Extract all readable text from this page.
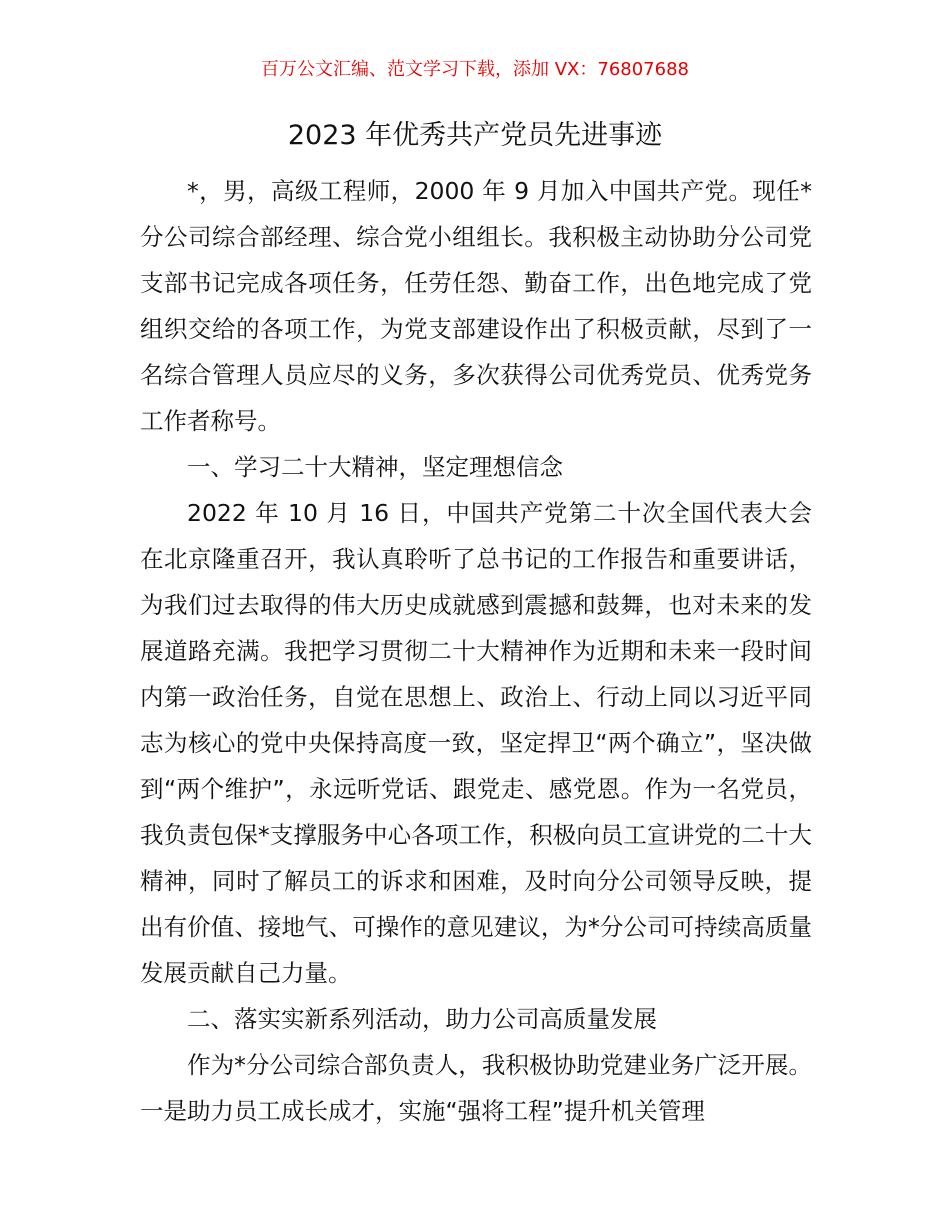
百万公文汇编、范文学习下载，添加 VX：76807688
2023 年优秀共产党员先进事迹

*，男，高级工程师，2000 年 9 月加入中国共产党。现任*分公司综合部经理、综合党小组组长。我积极主动协助分公司党支部书记完成各项任务，任劳任怨、勤奋工作，出色地完成了党组织交给的各项工作，为党支部建设作出了积极贡献，尽到了一名综合管理人员应尽的义务，多次获得公司优秀党员、优秀党务工作者称号。

一、学习二十大精神，坚定理想信念

2022 年 10 月 16 日，中国共产党第二十次全国代表大会在北京隆重召开，我认真聆听了总书记的工作报告和重要讲话，为我们过去取得的伟大历史成就感到震撼和鼓舞，也对未来的发展道路充满。我把学习贯彻二十大精神作为近期和未来一段时间内第一政治任务，自觉在思想上、政治上、行动上同以习近平同志为核心的党中央保持高度一致，坚定捍卫“两个确立”，坚决做到“两个维护”，永远听党话、跟党走、感党恩。作为一名党员，我负责包保*支撑服务中心各项工作，积极向员工宣讲党的二十大精神，同时了解员工的诉求和困难，及时向分公司领导反映，提出有价值、接地气、可操作的意见建议，为*分公司可持续高质量发展贡献自己力量。

二、落实实新系列活动，助力公司高质量发展

作为*分公司综合部负责人，我积极协助党建业务广泛开展。一是助力员工成长成才，实施“强将工程”提升机关管理
